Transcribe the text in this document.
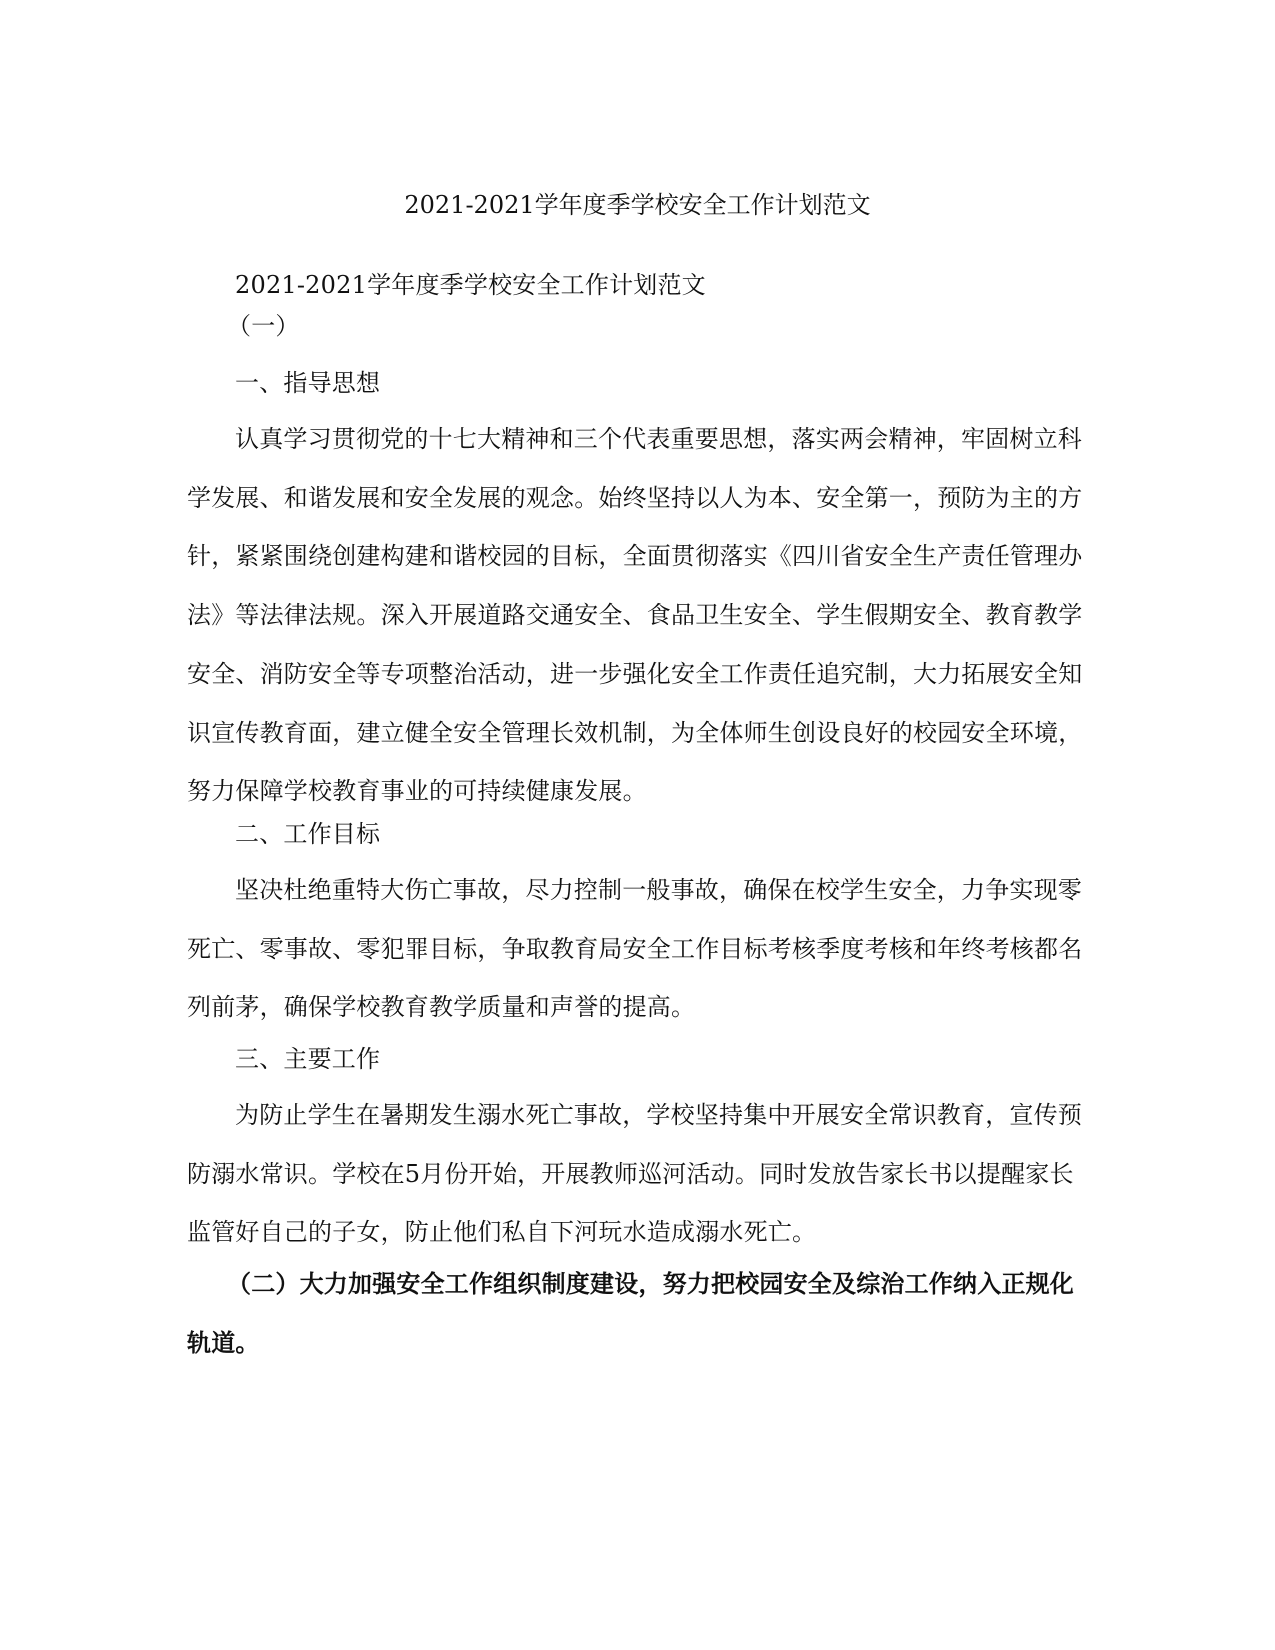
2021-2021学年度季学校安全工作计划范文

2021-2021学年度季学校安全工作计划范文

（一）

一、指导思想

认真学习贯彻党的十七大精神和三个代表重要思想，落实两会精神，牢固树立科学发展、和谐发展和安全发展的观念。始终坚持以人为本、安全第一，预防为主的方针，紧紧围绕创建构建和谐校园的目标，全面贯彻落实《四川省安全生产责任管理办法》等法律法规。深入开展道路交通安全、食品卫生安全、学生假期安全、教育教学安全、消防安全等专项整治活动，进一步强化安全工作责任追究制，大力拓展安全知识宣传教育面，建立健全安全管理长效机制，为全体师生创设良好的校园安全环境，努力保障学校教育事业的可持续健康发展。

二、工作目标

坚决杜绝重特大伤亡事故，尽力控制一般事故，确保在校学生安全，力争实现零死亡、零事故、零犯罪目标，争取教育局安全工作目标考核季度考核和年终考核都名列前茅，确保学校教育教学质量和声誉的提高。

三、主要工作

为防止学生在暑期发生溺水死亡事故，学校坚持集中开展安全常识教育，宣传预防溺水常识。学校在5月份开始，开展教师巡河活动。同时发放告家长书以提醒家长监管好自己的子女，防止他们私自下河玩水造成溺水死亡。

（二）大力加强安全工作组织制度建设，努力把校园安全及综治工作纳入正规化轨道。
